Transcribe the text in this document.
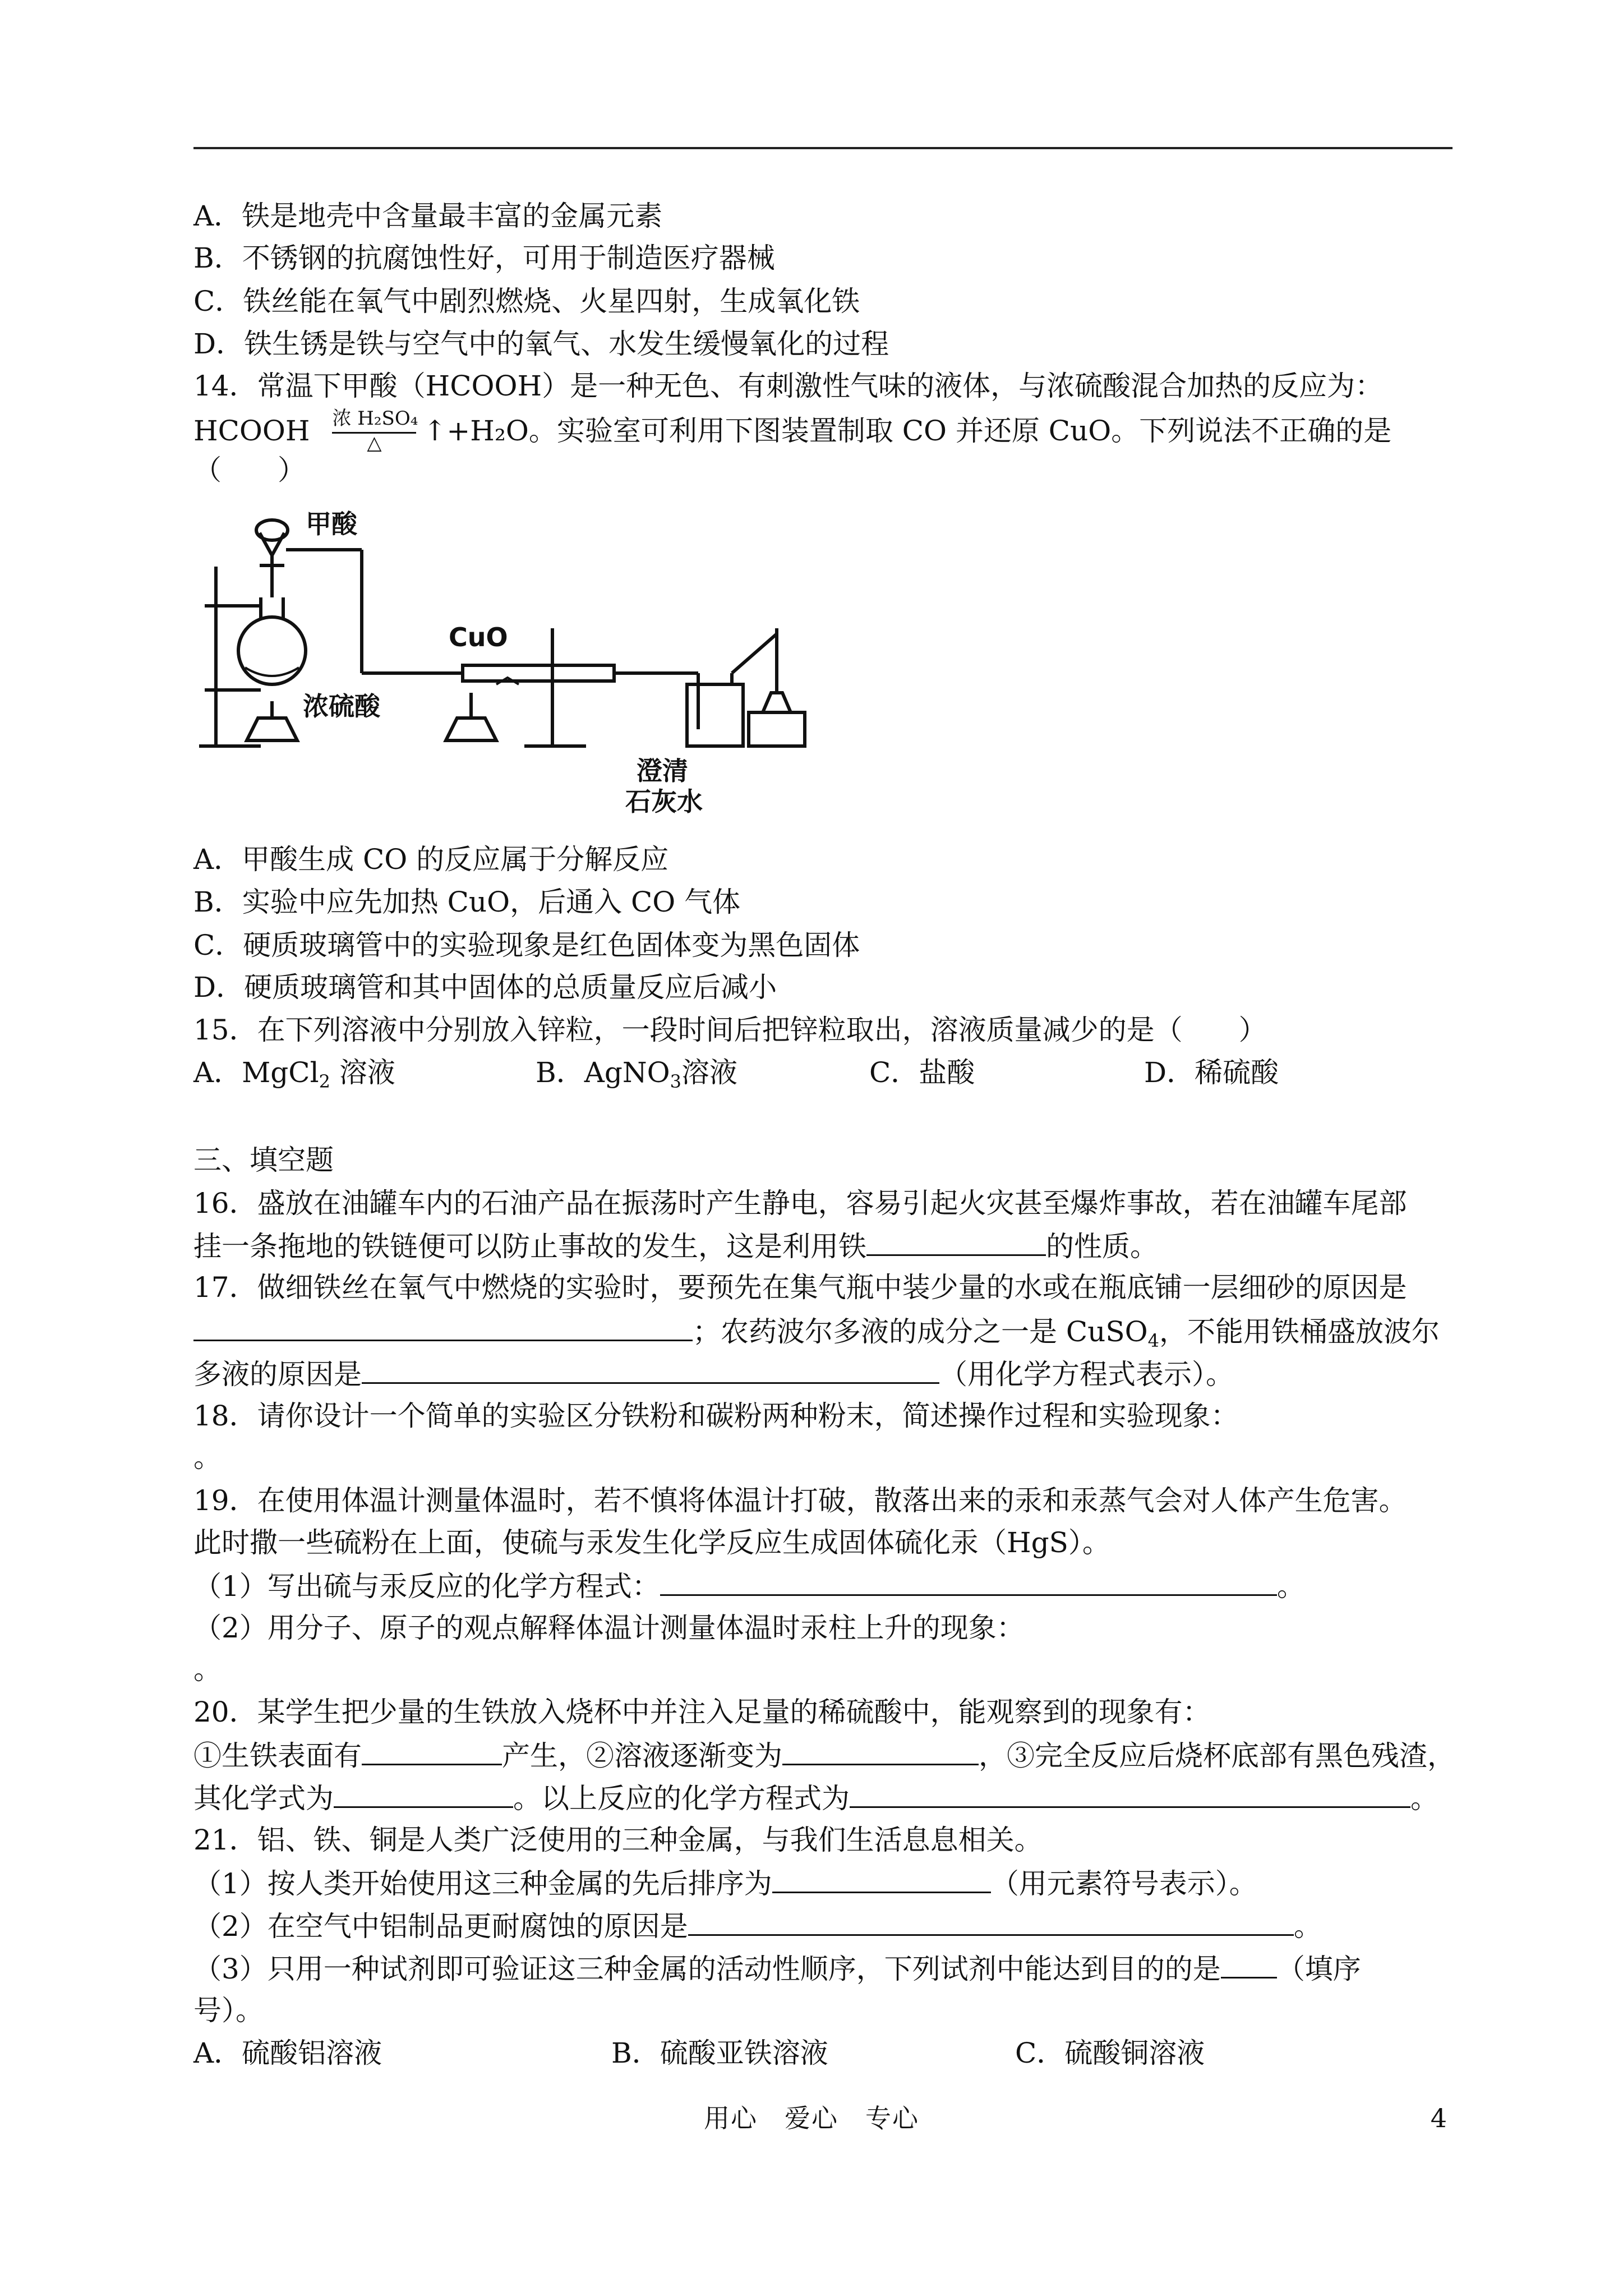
A．铁是地壳中含量最丰富的金属元素
B．不锈钢的抗腐蚀性好，可用于制造医疗器械
C．铁丝能在氧气中剧烈燃烧、火星四射，生成氧化铁
D．铁生锈是铁与空气中的氧气、水发生缓慢氧化的过程
14．常温下甲酸（HCOOH）是一种无色、有刺激性气味的液体，与浓硫酸混合加热的反应为：
HCOOH 浓 H₂SO₄
△	↑+H₂O。实验室可利用下图装置制取 CO 并还原 CuO。下列说法不正确的是
（　　）
甲酸
CuO
浓硫酸
澄清
石灰水
A．甲酸生成 CO 的反应属于分解反应
B．实验中应先加热 CuO，后通入 CO 气体
C．硬质玻璃管中的实验现象是红色固体变为黑色固体
D．硬质玻璃管和其中固体的总质量反应后减小
15．在下列溶液中分别放入锌粒，一段时间后把锌粒取出，溶液质量减少的是（　　）
A．MgCl$_2$ 溶液	B．AgNO$_3$溶液	C．盐酸	D．稀硫酸
三、填空题
16．盛放在油罐车内的石油产品在振荡时产生静电，容易引起火灾甚至爆炸事故，若在油罐车尾部
挂一条拖地的铁链便可以防止事故的发生，这是利用铁	的性质。
17．做细铁丝在氧气中燃烧的实验时，要预先在集气瓶中装少量的水或在瓶底铺一层细砂的原因是
；农药波尔多液的成分之一是 CuSO$_4$，不能用铁桶盛放波尔
多液的原因是	（用化学方程式表示）。
18．请你设计一个简单的实验区分铁粉和碳粉两种粉末，简述操作过程和实验现象：
。
19．在使用体温计测量体温时，若不慎将体温计打破，散落出来的汞和汞蒸气会对人体产生危害。
此时撒一些硫粉在上面，使硫与汞发生化学反应生成固体硫化汞（HgS）。
（1）写出硫与汞反应的化学方程式：	。
（2）用分子、原子的观点解释体温计测量体温时汞柱上升的现象：
。
20．某学生把少量的生铁放入烧杯中并注入足量的稀硫酸中，能观察到的现象有：
①生铁表面有	产生，②溶液逐渐变为	，③完全反应后烧杯底部有黑色残渣，
其化学式为	。以上反应的化学方程式为	。
21．铝、铁、铜是人类广泛使用的三种金属，与我们生活息息相关。
（1）按人类开始使用这三种金属的先后排序为	（用元素符号表示）。
（2）在空气中铝制品更耐腐蚀的原因是	。
（3）只用一种试剂即可验证这三种金属的活动性顺序，下列试剂中能达到目的的是 （填序
号）。
A．硫酸铝溶液	B．硫酸亚铁溶液	C．硫酸铜溶液
用心　爱心　专心	4
